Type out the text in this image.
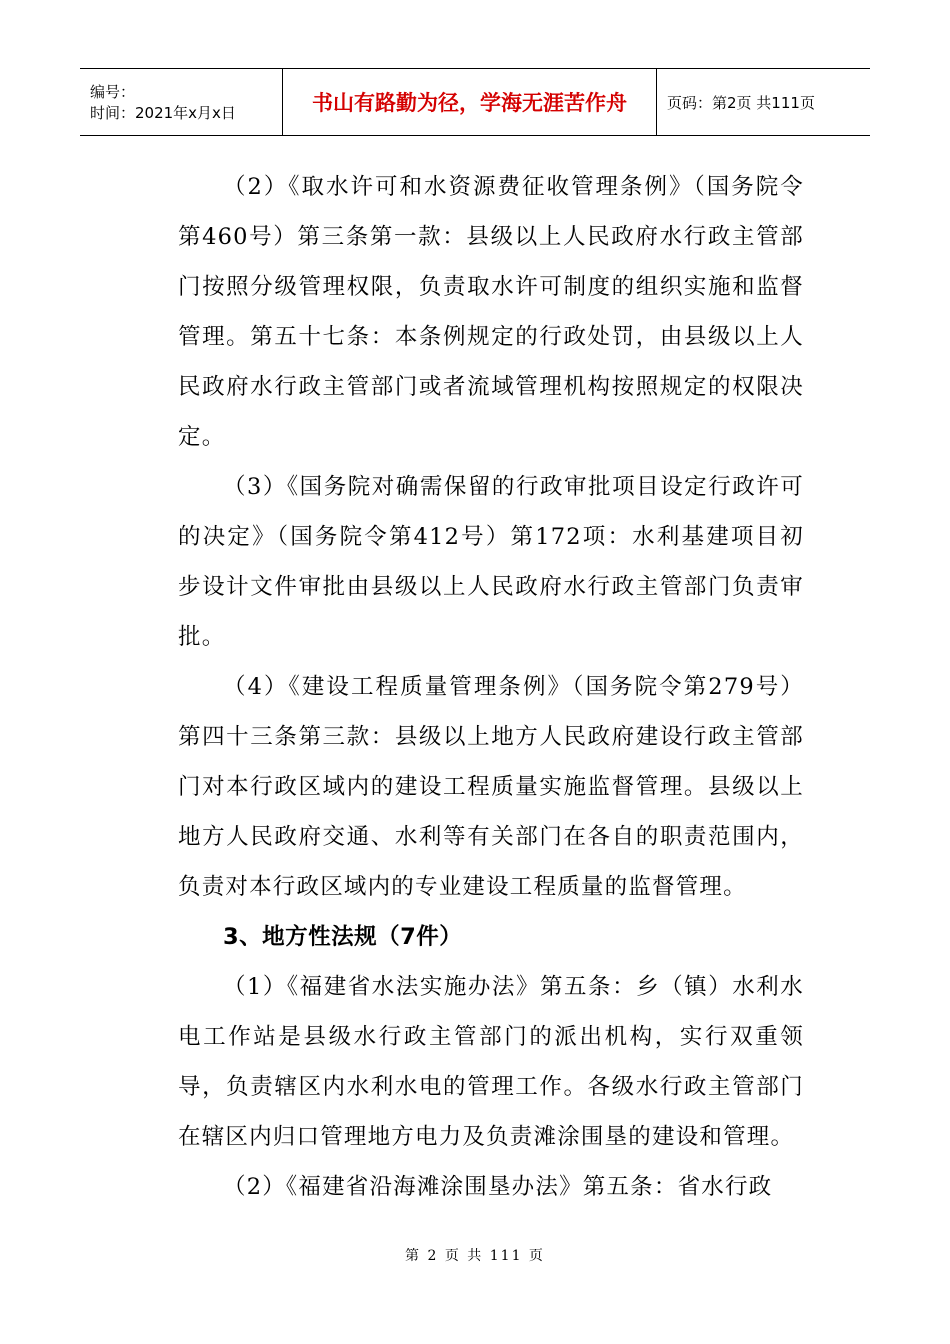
编号：
时间：2021年x月x日	书山有路勤为径，学海无涯苦作舟	页码：第2页 共111页

（2）《取水许可和水资源费征收管理条例》（国务院令第460号）第三条第一款：县级以上人民政府水行政主管部门按照分级管理权限，负责取水许可制度的组织实施和监督管理。第五十七条：本条例规定的行政处罚，由县级以上人民政府水行政主管部门或者流域管理机构按照规定的权限决定。

（3）《国务院对确需保留的行政审批项目设定行政许可的决定》（国务院令第412号）第172项：水利基建项目初步设计文件审批由县级以上人民政府水行政主管部门负责审批。

（4）《建设工程质量管理条例》（国务院令第279号）第四十三条第三款：县级以上地方人民政府建设行政主管部门对本行政区域内的建设工程质量实施监督管理。县级以上地方人民政府交通、水利等有关部门在各自的职责范围内，负责对本行政区域内的专业建设工程质量的监督管理。

3、地方性法规（7件）

（1）《福建省水法实施办法》第五条：乡（镇）水利水电工作站是县级水行政主管部门的派出机构，实行双重领导，负责辖区内水利水电的管理工作。各级水行政主管部门在辖区内归口管理地方电力及负责滩涂围垦的建设和管理。

（2）《福建省沿海滩涂围垦办法》第五条：省水行政

第 2 页 共 111 页
